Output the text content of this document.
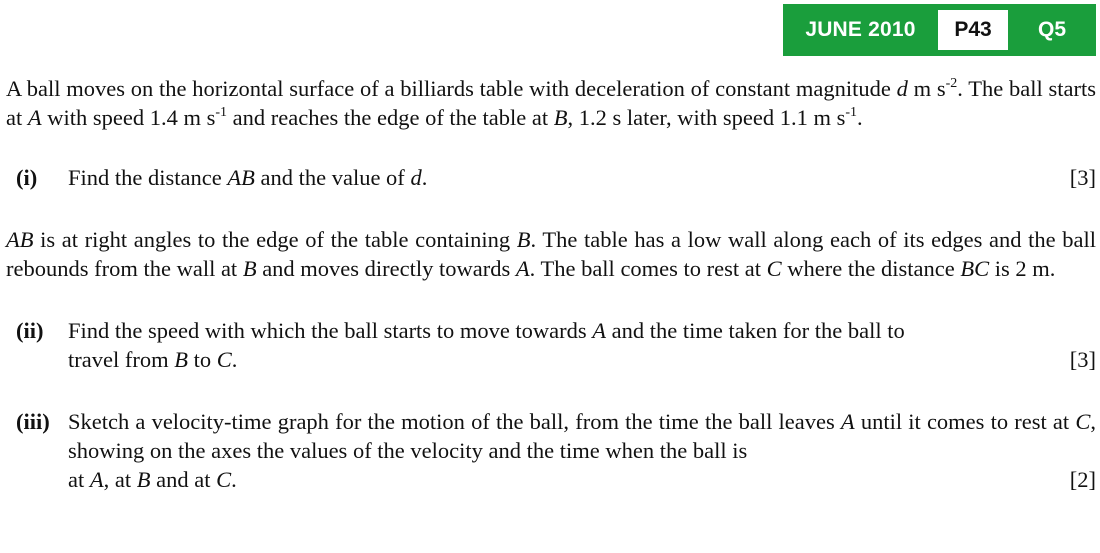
JUNE 2010	P43	Q5

A ball moves on the horizontal surface of a billiards table with deceleration of constant magnitude d m $s^{-2}$. The ball starts at A with speed 1.4 m $s^{-1}$ and reaches the edge of the table at B, 1.2 s later, with speed 1.1 m $s^{-1}$.

(i)	Find the distance AB and the value of d.	[3]

AB is at right angles to the edge of the table containing B. The table has a low wall along each of its edges and the ball rebounds from the wall at B and moves directly towards A. The ball comes to rest at C where the distance BC is 2 m.

(ii)	Find the speed with which the ball starts to move towards A and the time taken for the ball to
travel from B to C.	[3]
(iii) Sketch a velocity-time graph for the motion of the ball, from the time the ball leaves A until it comes to rest at C, showing on the axes the values of the velocity and the time when the ball is
at A, at B and at C.	[2]
